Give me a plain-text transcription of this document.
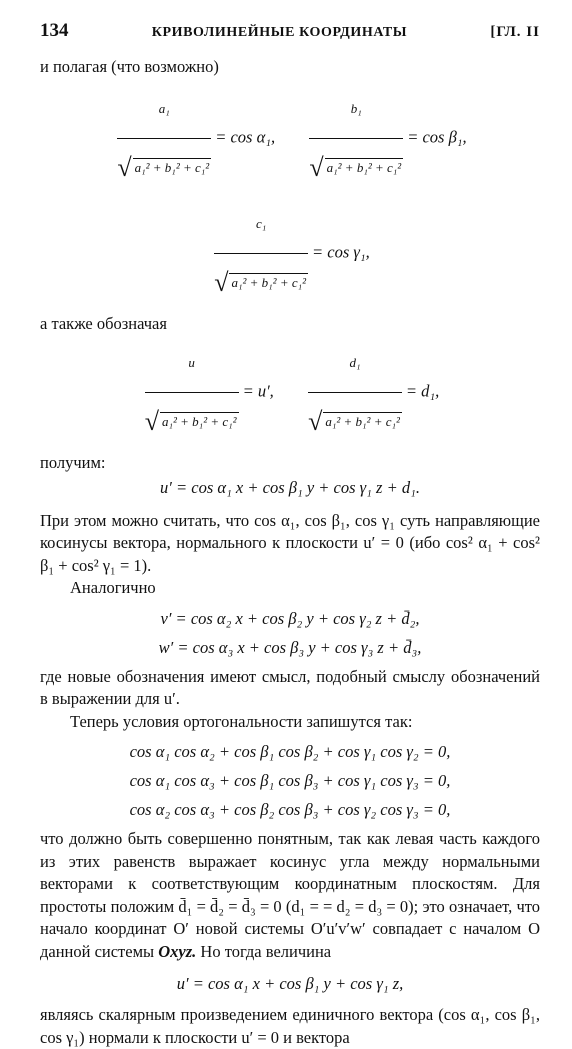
134	КРИВОЛИНЕЙНЫЕ КООРДИНАТЫ	[ГЛ. II
и полагая (что возможно)
$\frac{\text{a₁}}{\text{√ a₁² + b₁² + c₁²}} = \cos \alpha_1$,	$\frac{\text{b₁}}{\text{√ a₁² + b₁² + c₁²}} = \cos \beta_1$,
$\frac{\text{c₁}}{\text{√ a₁² + b₁² + c₁²}} = \cos \gamma_1$,
а также обозначая
$\frac{u}{\text{√ a₁² + b₁² + c₁²}} = u'$,	$\frac{\text{d₁}}{\text{√ a₁² + b₁² + c₁²}} = d_1$,
получим:
u′ = cos α₁ x + cos β₁ y + cos γ₁ z + d₁.
При этом можно считать, что cos α₁, cos β₁, cos γ₁ суть направляющие косинусы вектора, нормального к плоскости u′ = 0 (ибо cos² α₁ + cos² β₁ + cos² γ₁ = 1).
Аналогично
v′ = cos α₂ x + cos β₂ y + cos γ₂ z + d̄₂,
w′ = cos α₃ x + cos β₃ y + cos γ₃ z + d̄₃,
где новые обозначения имеют смысл, подобный смыслу обозначений в выражении для u′.
Теперь условия ортогональности запишутся так:
cos α₁ cos α₂ + cos β₁ cos β₂ + cos γ₁ cos γ₂ = 0,
cos α₁ cos α₃ + cos β₁ cos β₃ + cos γ₁ cos γ₃ = 0,
cos α₂ cos α₃ + cos β₂ cos β₃ + cos γ₂ cos γ₃ = 0,
что должно быть совершенно понятным, так как левая часть каждого из этих равенств выражает косинус угла между нормальными векторами к соответствующим координатным плоскостям. Для простоты положим d̄₁ = d̄₂ = d̄₃ = 0 (d₁ = = d₂ = d₃ = 0); это означает, что начало координат O′ новой системы O′u′v′w′ совпадает с началом O данной системы Oxyz. Но тогда величина
u′ = cos α₁ x + cos β₁ y + cos γ₁ z,
являясь скалярным произведением единичного вектора (cos α₁, cos β₁, cos γ₁) нормали к плоскости u′ = 0 и вектора
